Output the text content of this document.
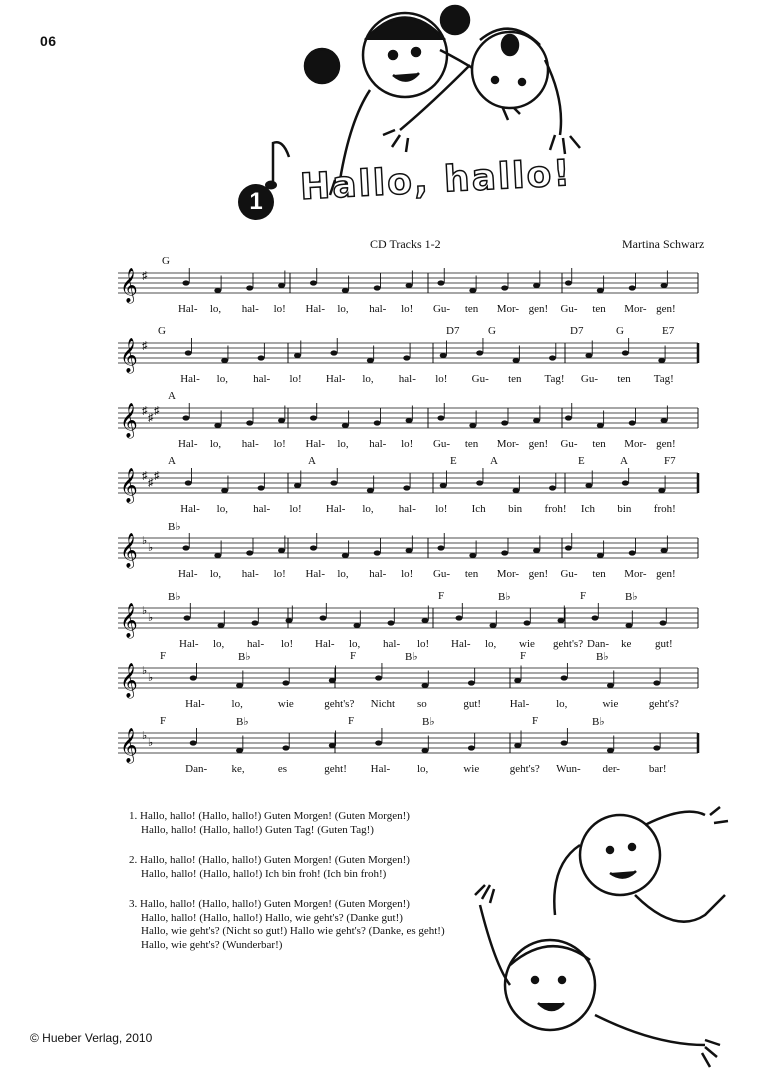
06
1	Hallo, hallo!
CD Tracks 1-2	Martina Schwarz
𝄞 ♯
G
Hal- lo, hal- lo! Hal- lo, hal- lo! Gu- ten Mor- gen! Gu- ten Mor- gen!
𝄞 ♯
G	D7	G	D7	G	E7
Hal- lo, hal- lo! Hal- lo, hal- lo! Gu- ten Tag! Gu- ten Tag!
𝄞 ♯
♯
♯
A
Hal- lo, hal- lo! Hal- lo, hal- lo! Gu- ten Mor- gen! Gu- ten Mor- gen!
𝄞 ♯
♯
♯
A	A	E	A	E	A	F7
Hal- lo, hal- lo! Hal- lo, hal- lo! Ich bin froh! Ich bin froh!
𝄞 ♭
♭
B♭
Hal- lo, hal- lo! Hal- lo, hal- lo! Gu- ten Mor- gen! Gu- ten Mor- gen!
𝄞 ♭
♭
B♭	F	B♭	F	B♭
Hal- lo, hal- lo! Hal- lo, hal- lo! Hal- lo, wie geht's? Dan- ke gut!
𝄞 ♭
♭
F	B♭	F	B♭	F	B♭
Hal- lo,	wie	geht's? Nicht so	gut!	Hal- lo,	wie	geht's?
𝄞 ♭
♭
F	B♭	F	B♭	F	B♭
Dan- ke,	es	geht! Hal- lo,	wie	geht's? Wun- der-	bar!
1. Hallo, hallo! (Hallo, hallo!) Guten Morgen! (Guten Morgen!)
Hallo, hallo! (Hallo, hallo!) Guten Tag! (Guten Tag!)
2. Hallo, hallo! (Hallo, hallo!) Guten Morgen! (Guten Morgen!)
Hallo, hallo! (Hallo, hallo!) Ich bin froh! (Ich bin froh!)
3. Hallo, hallo! (Hallo, hallo!) Guten Morgen! (Guten Morgen!)
Hallo, hallo! (Hallo, hallo!) Hallo, wie geht's? (Danke gut!)
Hallo, wie geht's? (Nicht so gut!) Hallo wie geht's? (Danke, es geht!)
Hallo, wie geht's? (Wunderbar!)
© Hueber Verlag, 2010
